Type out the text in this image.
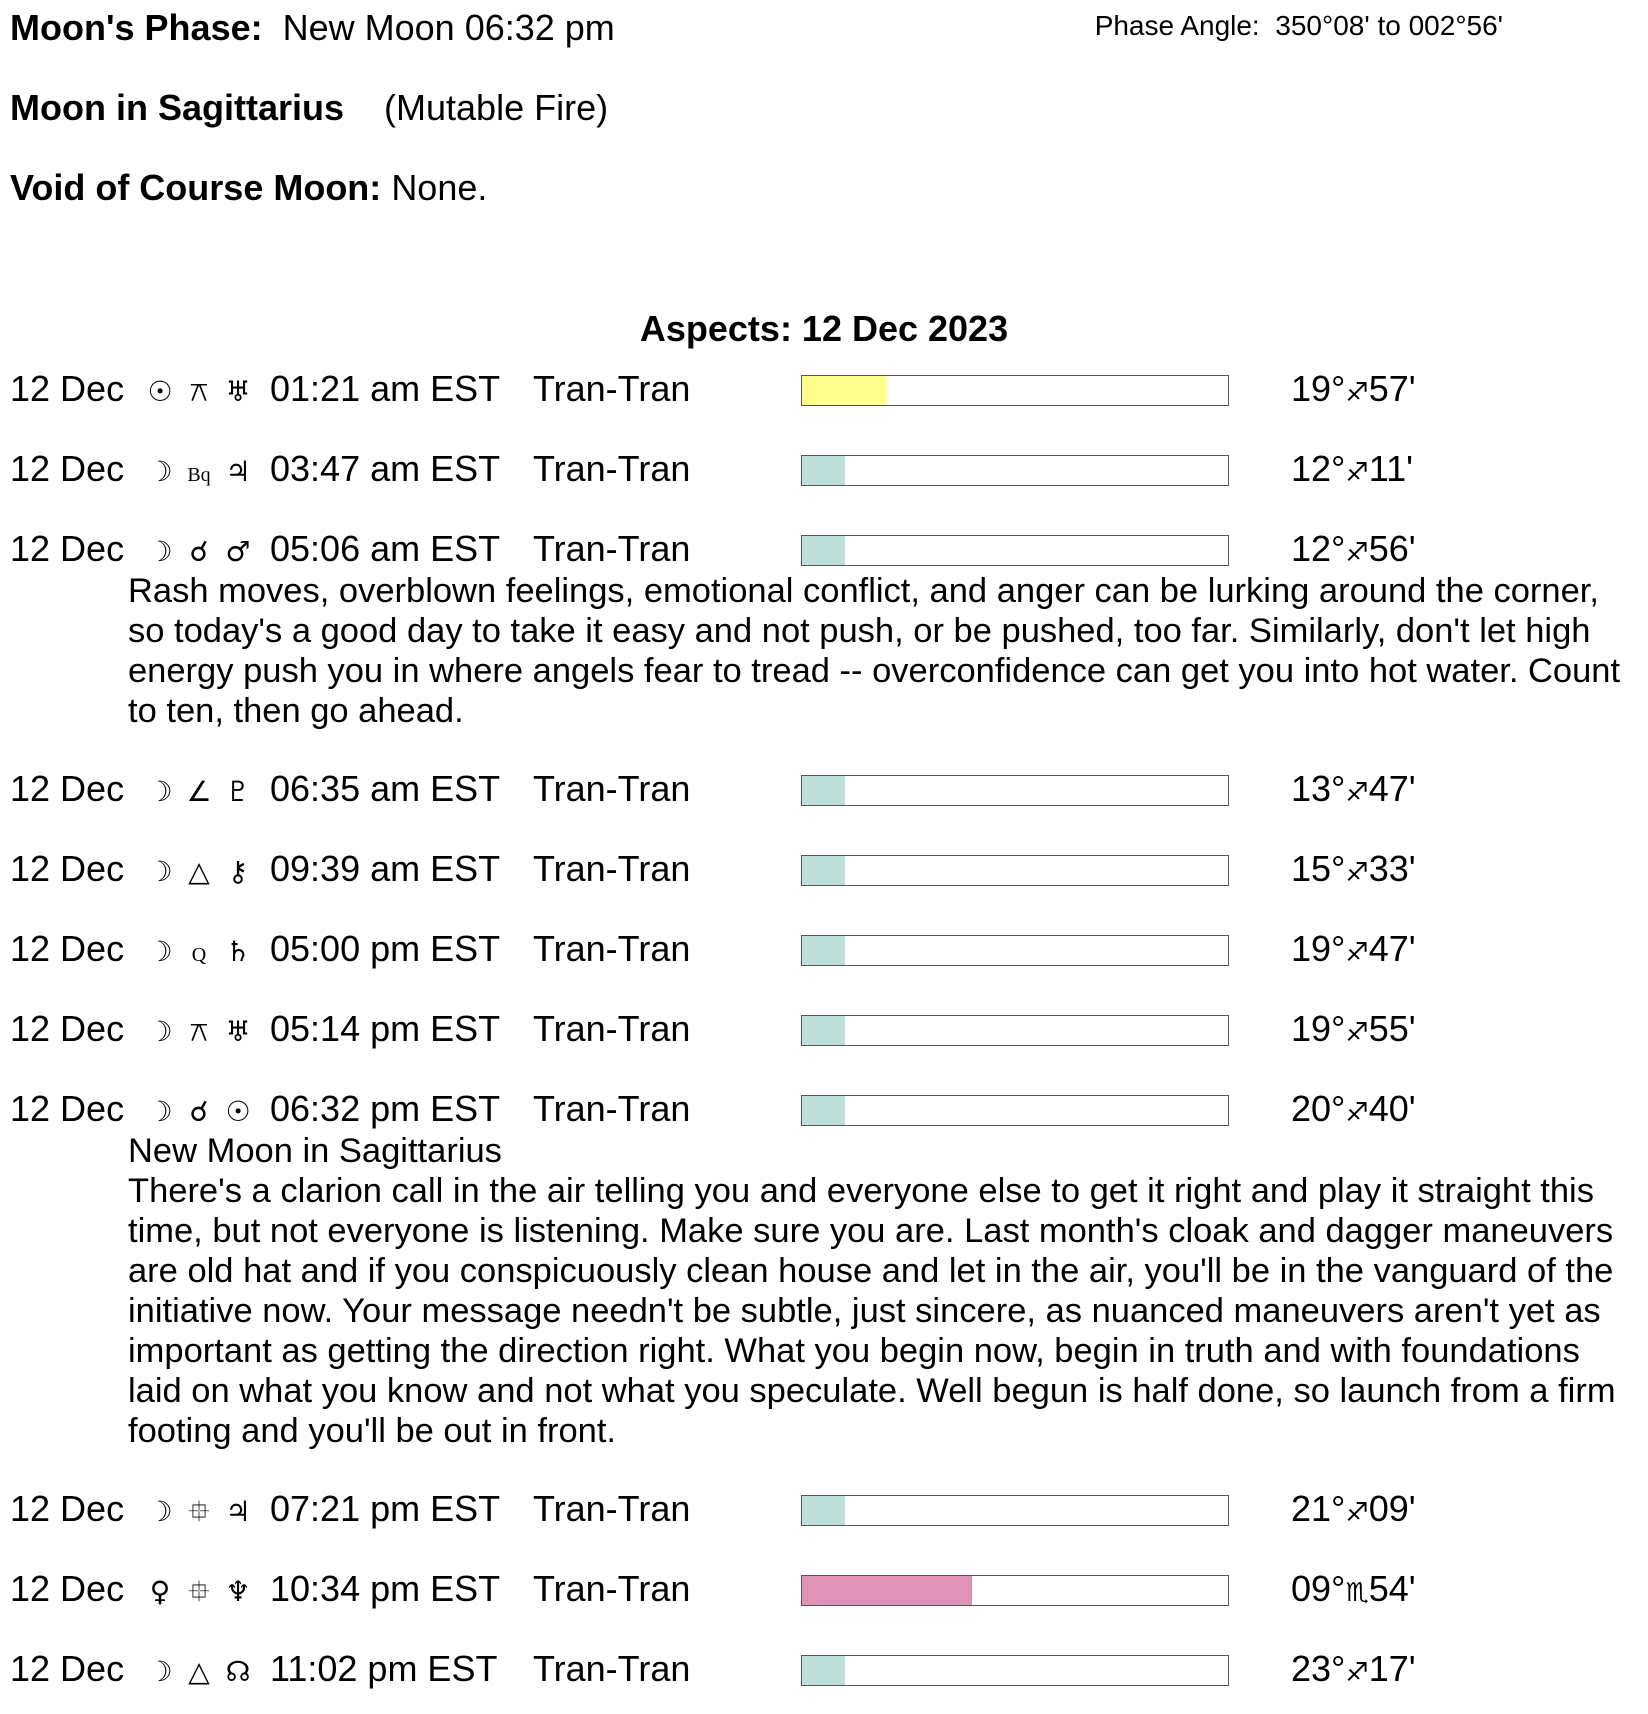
Moon's Phase: New Moon 06:32 pm	Phase Angle: 350°08' to 002°56'
Moon in Sagittarius (Mutable Fire)
Void of Course Moon: None.
Aspects: 12 Dec 2023
12 Dec ☉ ⚻ ♅ 01:21 am EST Tran-Tran	19°♐57'
12 Dec ☽ Bq ♃ 03:47 am EST Tran-Tran	12°♐11'
12 Dec ☽ ☌ ♂ 05:06 am EST Tran-Tran	12°♐56'
Rash moves, overblown feelings, emotional conflict, and anger can be lurking around the corner, so today's a good day to take it easy and not push, or be pushed, too far. Similarly, don't let high energy push you in where angels fear to tread -- overconfidence can get you into hot water. Count to ten, then go ahead.
12 Dec ☽ ∠ ♇ 06:35 am EST Tran-Tran	13°♐47'
12 Dec ☽ △ ⚷ 09:39 am EST Tran-Tran	15°♐33'
12 Dec ☽ Q ♄ 05:00 pm EST Tran-Tran	19°♐47'
12 Dec ☽ ⚻ ♅ 05:14 pm EST Tran-Tran	19°♐55'
12 Dec ☽ ☌ ☉ 06:32 pm EST Tran-Tran	20°♐40'
New Moon in Sagittarius
There's a clarion call in the air telling you and everyone else to get it right and play it straight this time, but not everyone is listening. Make sure you are. Last month's cloak and dagger maneuvers are old hat and if you conspicuously clean house and let in the air, you'll be in the vanguard of the initiative now. Your message needn't be subtle, just sincere, as nuanced maneuvers aren't yet as important as getting the direction right. What you begin now, begin in truth and with foundations laid on what you know and not what you speculate. Well begun is half done, so launch from a firm footing and you'll be out in front.
12 Dec ☽ ⯐ ♃ 07:21 pm EST Tran-Tran	21°♐09'
12 Dec ♀ ⯐ ♆ 10:34 pm EST Tran-Tran	09°♏54'
12 Dec ☽ △ ☊ 11:02 pm EST Tran-Tran	23°♐17'
